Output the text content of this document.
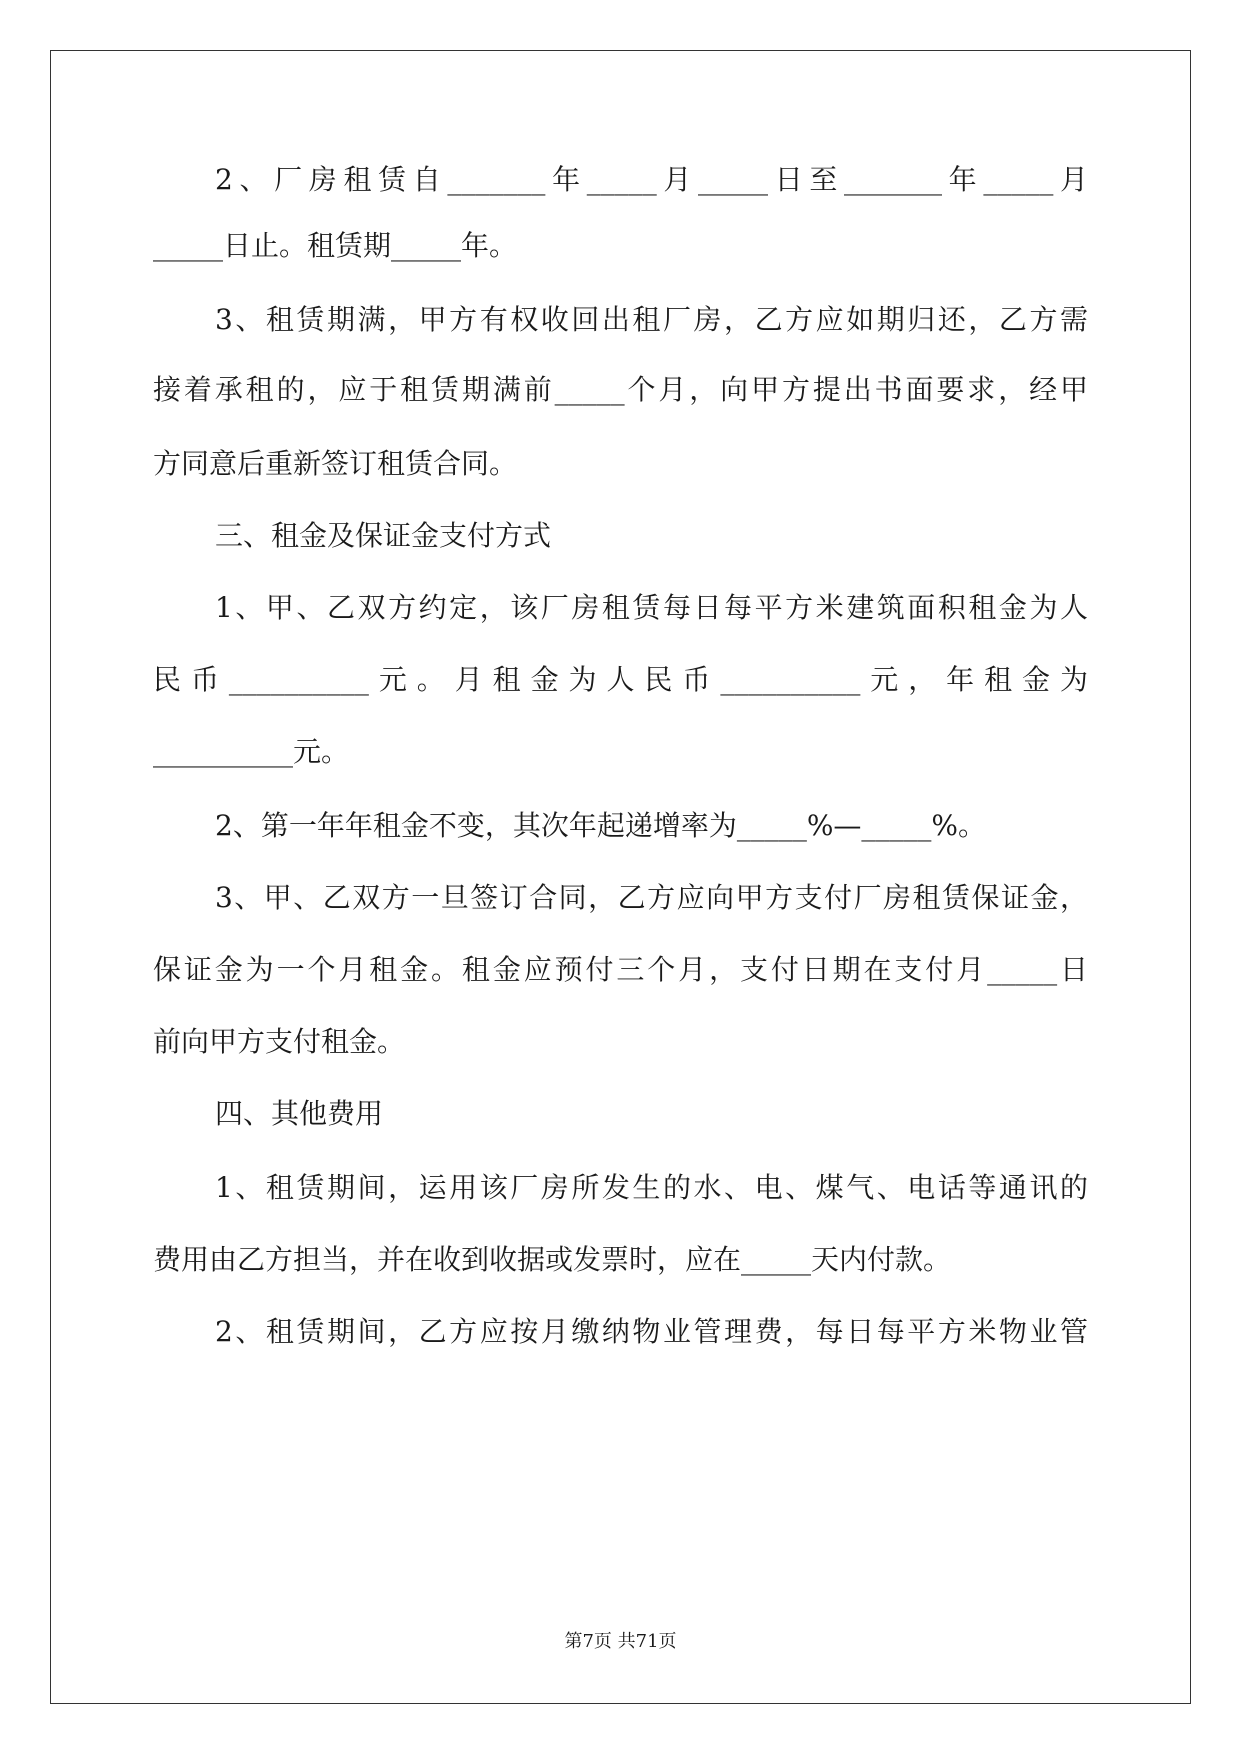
2、厂房租赁自_______年_____月_____日至_______年_____月
_____日止。租赁期_____年。
3、租赁期满，甲方有权收回出租厂房，乙方应如期归还，乙方需
接着承租的，应于租赁期满前_____个月，向甲方提出书面要求，经甲
方同意后重新签订租赁合同。
三、租金及保证金支付方式
1、甲、乙双方约定，该厂房租赁每日每平方米建筑面积租金为人
民币__________元。月租金为人民币__________元，年租金为
__________元。
2、第一年年租金不变，其次年起递增率为_____%—_____%。
3、甲、乙双方一旦签订合同，乙方应向甲方支付厂房租赁保证金，
保证金为一个月租金。租金应预付三个月，支付日期在支付月_____日
前向甲方支付租金。
四、其他费用
1、租赁期间，运用该厂房所发生的水、电、煤气、电话等通讯的
费用由乙方担当，并在收到收据或发票时，应在_____天内付款。
2、租赁期间，乙方应按月缴纳物业管理费，每日每平方米物业管
第7页 共71页
